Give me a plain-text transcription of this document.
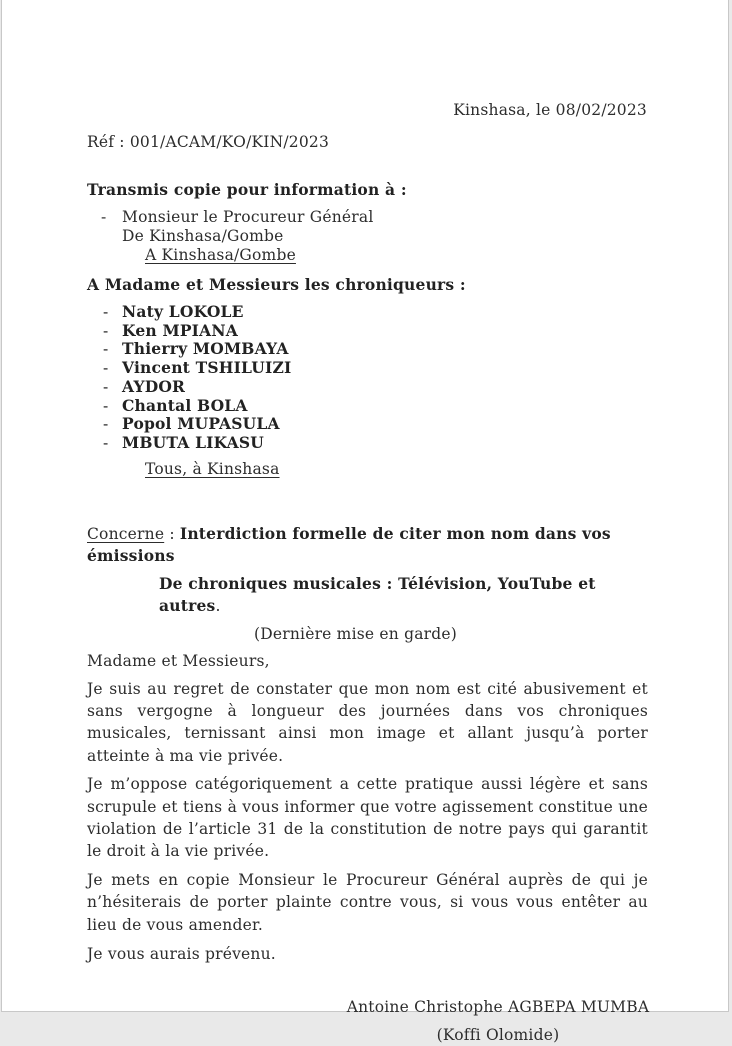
Kinshasa, le 08/02/2023
Réf : 001/ACAM/KO/KIN/2023
Transmis copie pour information à :
- Monsieur le Procureur Général
De Kinshasa/Gombe
A Kinshasa/Gombe
A Madame et Messieurs les chroniqueurs :
- Naty LOKOLE
- Ken MPIANA
- Thierry MOMBAYA
- Vincent TSHILUIZI
- AYDOR
- Chantal BOLA
- Popol MUPASULA
- MBUTA LIKASU
Tous, à Kinshasa
Concerne : Interdiction formelle de citer mon nom dans vos émissions
De chroniques musicales : Télévision, YouTube et autres.
(Dernière mise en garde)
Madame et Messieurs,

Je suis au regret de constater que mon nom est cité abusivement et sans vergogne à longueur des journées dans vos chroniques musicales, ternissant ainsi mon image et allant jusqu’à porter atteinte à ma vie privée.

Je m’oppose catégoriquement a cette pratique aussi légère et sans scrupule et tiens à vous informer que votre agissement constitue une violation de l’article 31 de la constitution de notre pays qui garantit le droit à la vie privée.

Je mets en copie Monsieur le Procureur Général auprès de qui je n’hésiterais de porter plainte contre vous, si vous vous entêter au lieu de vous amender.

Je vous aurais prévenu.
Antoine Christophe AGBEPA MUMBA
(Koffi Olomide)
